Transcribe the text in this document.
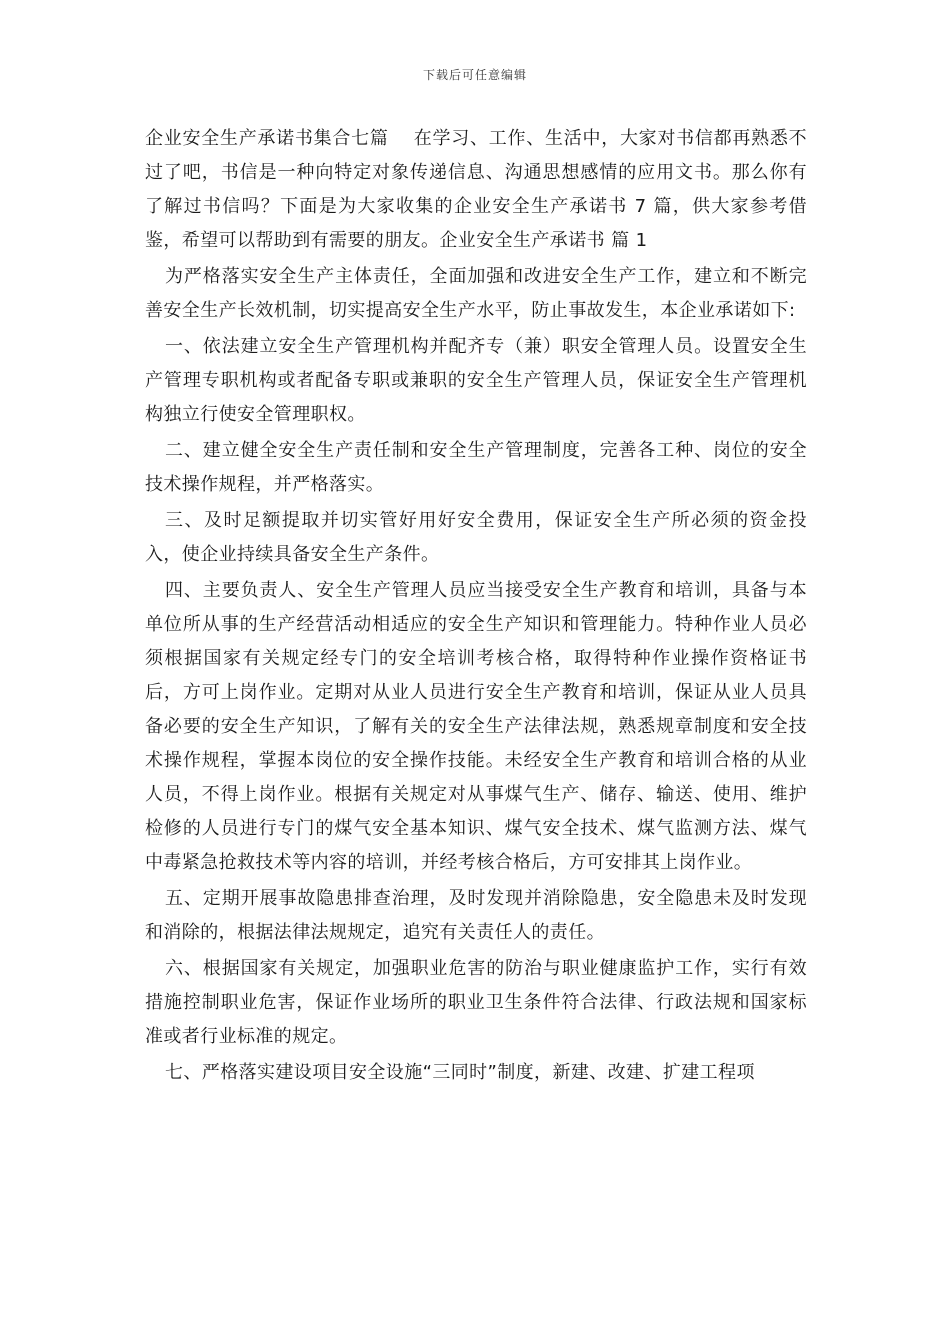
下载后可任意编辑

企业安全生产承诺书集合七篇　 在学习、工作、生活中，大家对书信都再熟悉不过了吧，书信是一种向特定对象传递信息、沟通思想感情的应用文书。那么你有了解过书信吗？下面是为大家收集的企业安全生产承诺书 7 篇，供大家参考借鉴，希望可以帮助到有需要的朋友。企业安全生产承诺书 篇 1

为严格落实安全生产主体责任，全面加强和改进安全生产工作，建立和不断完善安全生产长效机制，切实提高安全生产水平，防止事故发生，本企业承诺如下:

一、依法建立安全生产管理机构并配齐专（兼）职安全管理人员。设置安全生产管理专职机构或者配备专职或兼职的安全生产管理人员，保证安全生产管理机构独立行使安全管理职权。

二、建立健全安全生产责任制和安全生产管理制度，完善各工种、岗位的安全技术操作规程，并严格落实。

三、及时足额提取并切实管好用好安全费用，保证安全生产所必须的资金投入，使企业持续具备安全生产条件。

四、主要负责人、安全生产管理人员应当接受安全生产教育和培训，具备与本单位所从事的生产经营活动相适应的安全生产知识和管理能力。特种作业人员必须根据国家有关规定经专门的安全培训考核合格，取得特种作业操作资格证书后，方可上岗作业。定期对从业人员进行安全生产教育和培训，保证从业人员具备必要的安全生产知识，了解有关的安全生产法律法规，熟悉规章制度和安全技术操作规程，掌握本岗位的安全操作技能。未经安全生产教育和培训合格的从业人员，不得上岗作业。根据有关规定对从事煤气生产、储存、输送、使用、维护检修的人员进行专门的煤气安全基本知识、煤气安全技术、煤气监测方法、煤气中毒紧急抢救技术等内容的培训，并经考核合格后，方可安排其上岗作业。

五、定期开展事故隐患排查治理，及时发现并消除隐患，安全隐患未及时发现和消除的，根据法律法规规定，追究有关责任人的责任。

六、根据国家有关规定，加强职业危害的防治与职业健康监护工作，实行有效措施控制职业危害，保证作业场所的职业卫生条件符合法律、行政法规和国家标准或者行业标准的规定。

七、严格落实建设项目安全设施“三同时”制度，新建、改建、扩建工程项
